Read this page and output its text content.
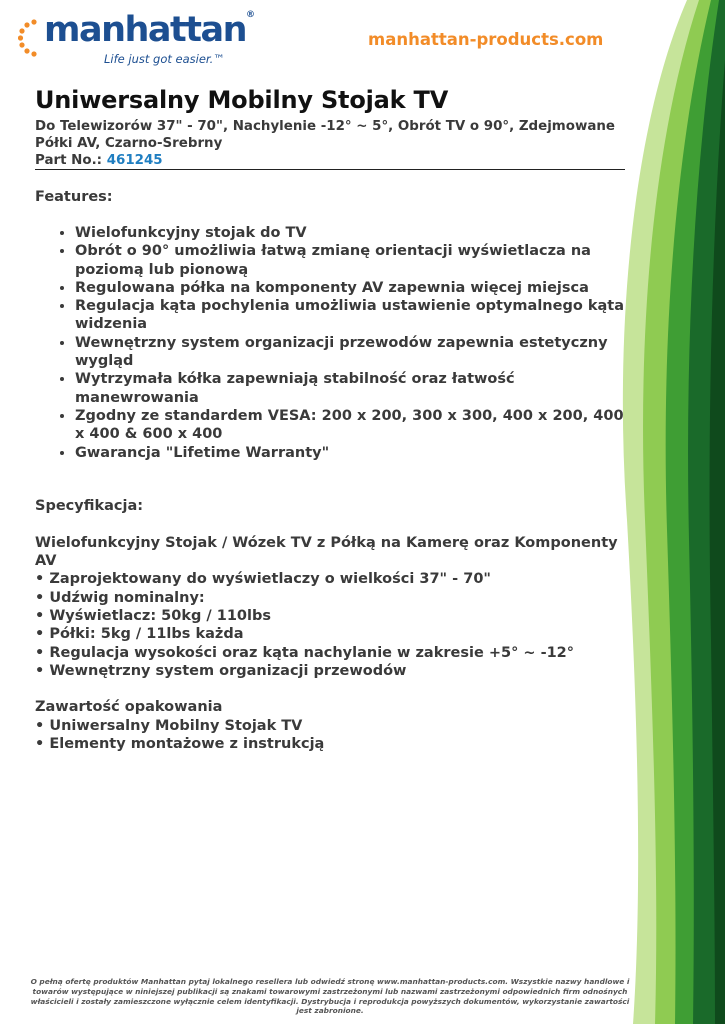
manhattan®
Life just got easier.™
manhattan-products.com
Uniwersalny Mobilny Stojak TV
Do Telewizorów 37" - 70", Nachylenie -12° ~ 5°, Obrót TV o 90°, Zdejmowane Półki AV, Czarno-Srebrny
Part No.: 461245
Features:
• Wielofunkcyjny stojak do TV
• Obrót o 90° umożliwia łatwą zmianę orientacji wyświetlacza na poziomą lub pionową
• Regulowana półka na komponenty AV zapewnia więcej miejsca
• Regulacja kąta pochylenia umożliwia ustawienie optymalnego kąta widzenia
• Wewnętrzny system organizacji przewodów zapewnia estetyczny wygląd
• Wytrzymała kółka zapewniają stabilność oraz łatwość manewrowania
• Zgodny ze standardem VESA: 200 x 200, 300 x 300, 400 x 200, 400 x 400 & 600 x 400
• Gwarancja "Lifetime Warranty"
Specyfikacja:
Wielofunkcyjny Stojak / Wózek TV z Półką na Kamerę oraz Komponenty AV
• Zaprojektowany do wyświetlaczy o wielkości 37" - 70"
• Udźwig nominalny:
• Wyświetlacz: 50kg / 110lbs
• Półki: 5kg / 11lbs każda
• Regulacja wysokości oraz kąta nachylanie w zakresie +5° ~ -12°
• Wewnętrzny system organizacji przewodów
Zawartość opakowania
• Uniwersalny Mobilny Stojak TV
• Elementy montażowe z instrukcją
O pełną ofertę produktów Manhattan pytaj lokalnego resellera lub odwiedź stronę www.manhattan-products.com. Wszystkie nazwy handlowe i towarów występujące w niniejszej publikacji są znakami towarowymi zastrzeżonymi lub nazwami zastrzeżonymi odpowiednich firm odnośnych właścicieli i zostały zamieszczone wyłącznie celem identyfikacji. Dystrybucja i reprodukcja powyższych dokumentów, wykorzystanie zawartości jest zabronione.
